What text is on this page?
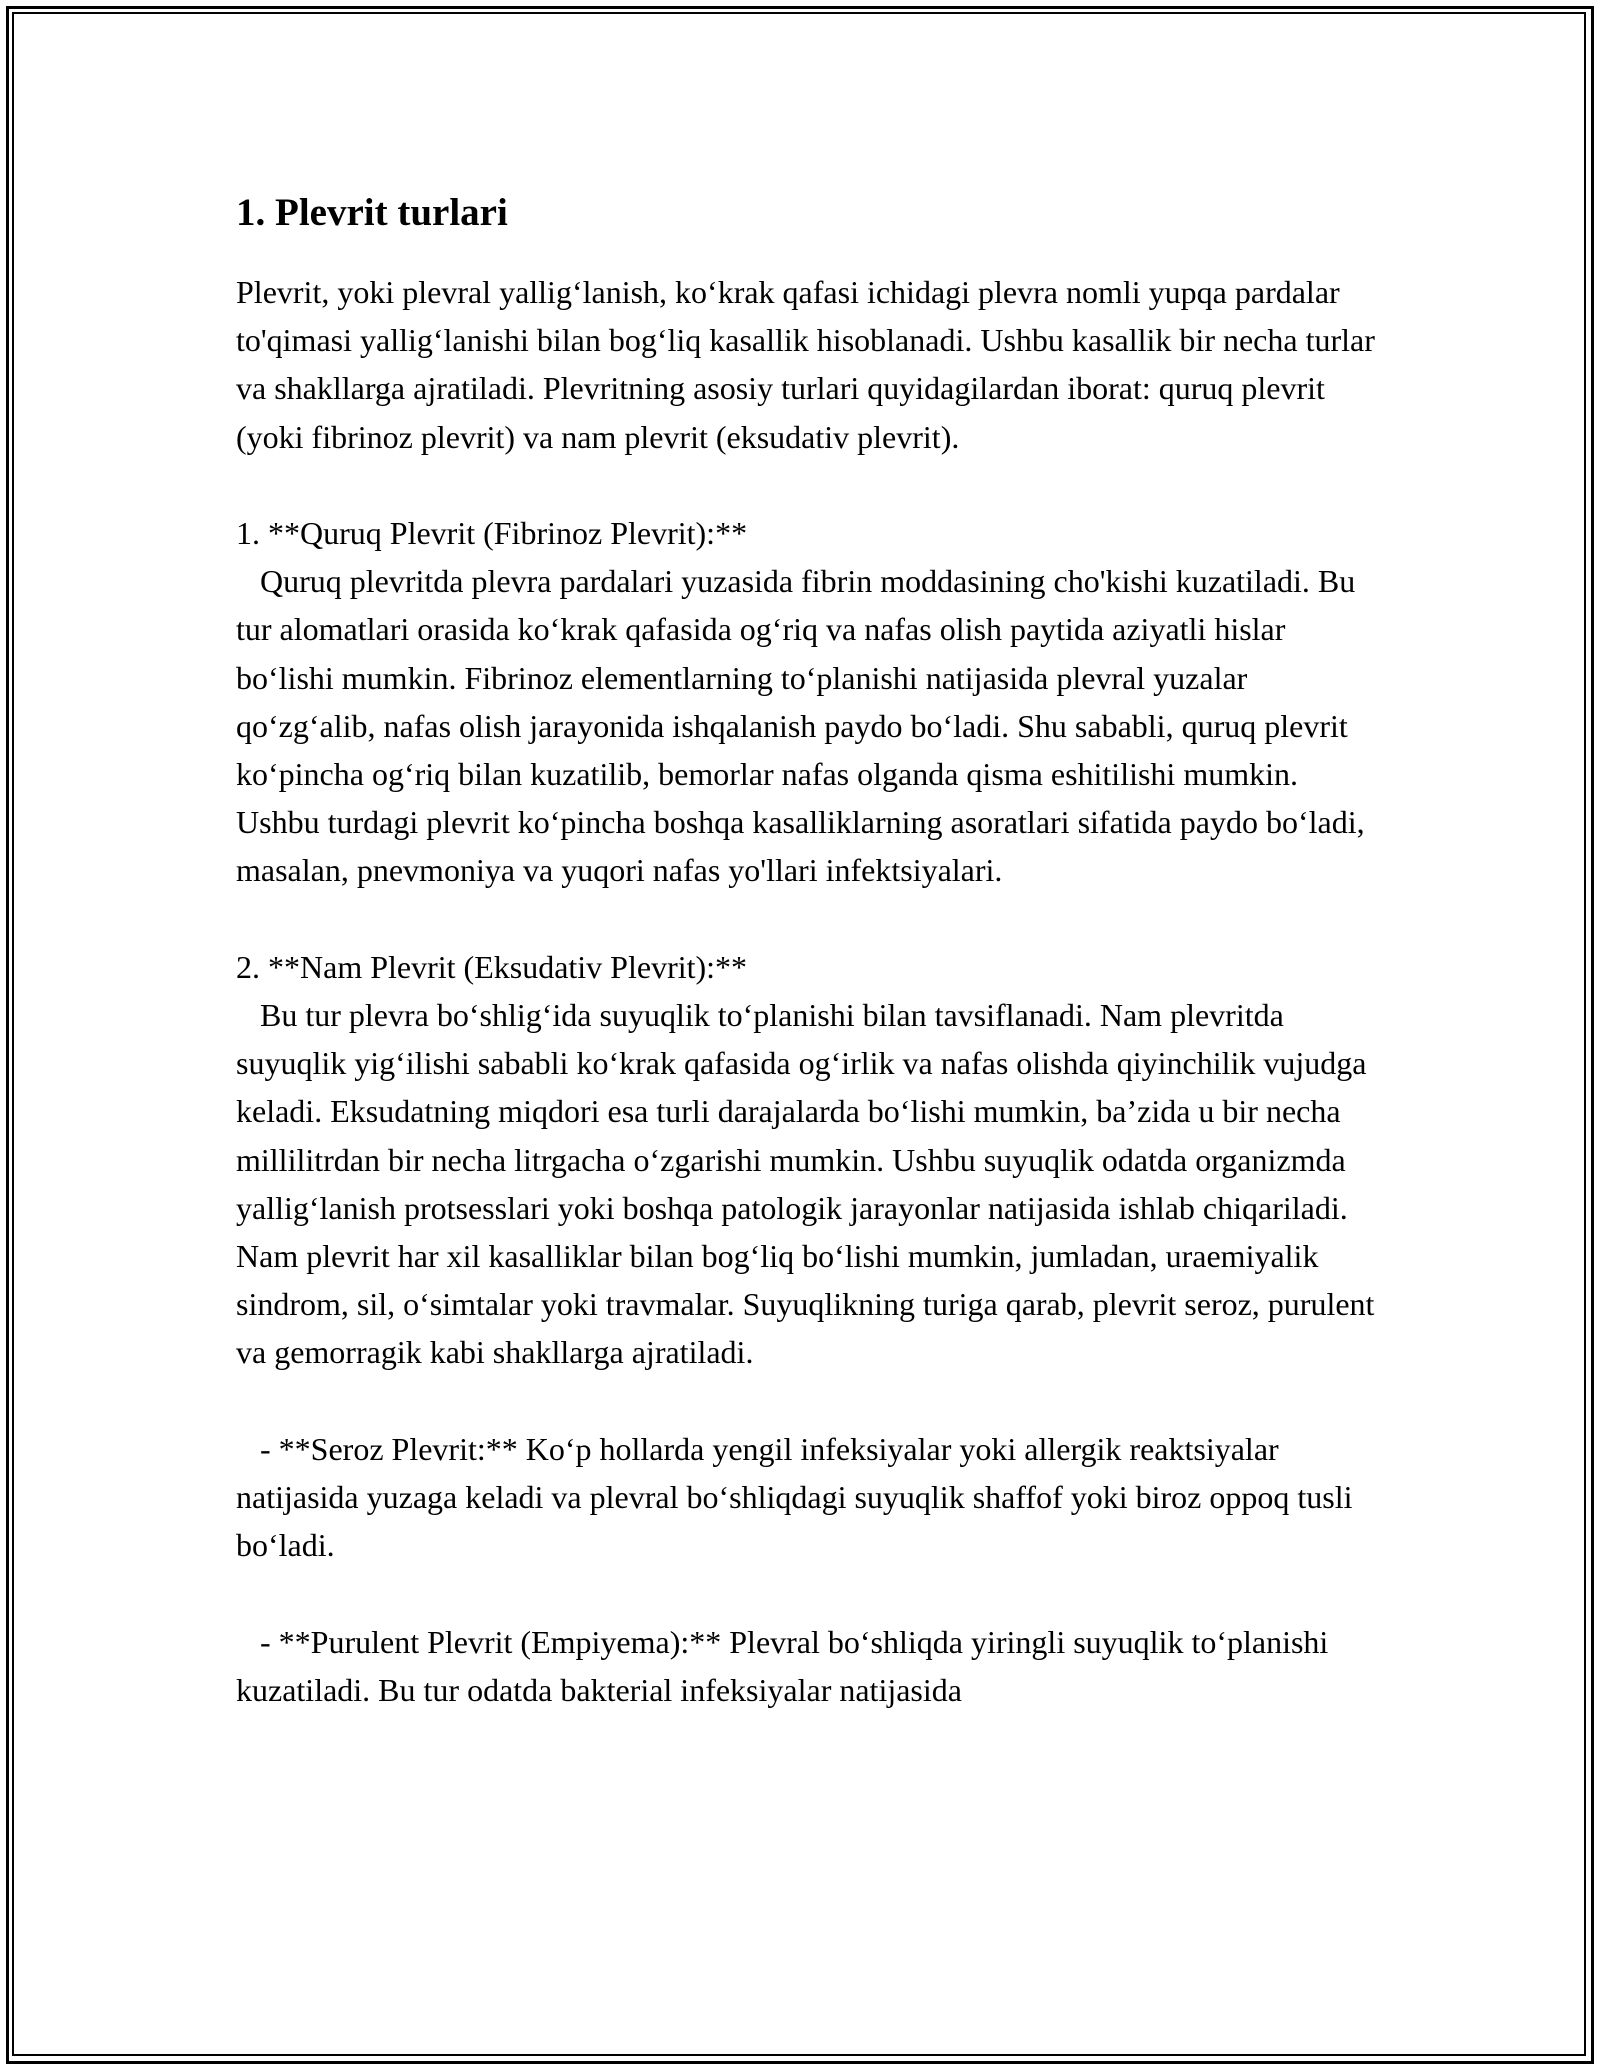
1. Plevrit turlari

Plevrit, yoki plevral yallig‘lanish, ko‘krak qafasi ichidagi plevra nomli yupqa pardalar to'qimasi yallig‘lanishi bilan bog‘liq kasallik hisoblanadi. Ushbu kasallik bir necha turlar va shakllarga ajratiladi. Plevritning asosiy turlari quyidagilardan iborat: quruq plevrit (yoki fibrinoz plevrit) va nam plevrit (eksudativ plevrit).

1. **Quruq Plevrit (Fibrinoz Plevrit):**

Quruq plevritda plevra pardalari yuzasida fibrin moddasining cho'kishi kuzatiladi. Bu tur alomatlari orasida ko‘krak qafasida og‘riq va nafas olish paytida aziyatli hislar bo‘lishi mumkin. Fibrinoz elementlarning to‘planishi natijasida plevral yuzalar qo‘zg‘alib, nafas olish jarayonida ishqalanish paydo bo‘ladi. Shu sababli, quruq plevrit ko‘pincha og‘riq bilan kuzatilib, bemorlar nafas olganda qisma eshitilishi mumkin. Ushbu turdagi plevrit ko‘pincha boshqa kasalliklarning asoratlari sifatida paydo bo‘ladi, masalan, pnevmoniya va yuqori nafas yo'llari infektsiyalari.

2. **Nam Plevrit (Eksudativ Plevrit):**

Bu tur plevra bo‘shlig‘ida suyuqlik to‘planishi bilan tavsiflanadi. Nam plevritda suyuqlik yig‘ilishi sababli ko‘krak qafasida og‘irlik va nafas olishda qiyinchilik vujudga keladi. Eksudatning miqdori esa turli darajalarda bo‘lishi mumkin, ba’zida u bir necha millilitrdan bir necha litrgacha o‘zgarishi mumkin. Ushbu suyuqlik odatda organizmda yallig‘lanish protsesslari yoki boshqa patologik jarayonlar natijasida ishlab chiqariladi. Nam plevrit har xil kasalliklar bilan bog‘liq bo‘lishi mumkin, jumladan, uraemiyalik sindrom, sil, o‘simtalar yoki travmalar. Suyuqlikning turiga qarab, plevrit seroz, purulent va gemorragik kabi shakllarga ajratiladi.

- **Seroz Plevrit:** Ko‘p hollarda yengil infeksiyalar yoki allergik reaktsiyalar natijasida yuzaga keladi va plevral bo‘shliqdagi suyuqlik shaffof yoki biroz oppoq tusli bo‘ladi.

- **Purulent Plevrit (Empiyema):** Plevral bo‘shliqda yiringli suyuqlik to‘planishi kuzatiladi. Bu tur odatda bakterial infeksiyalar natijasida
